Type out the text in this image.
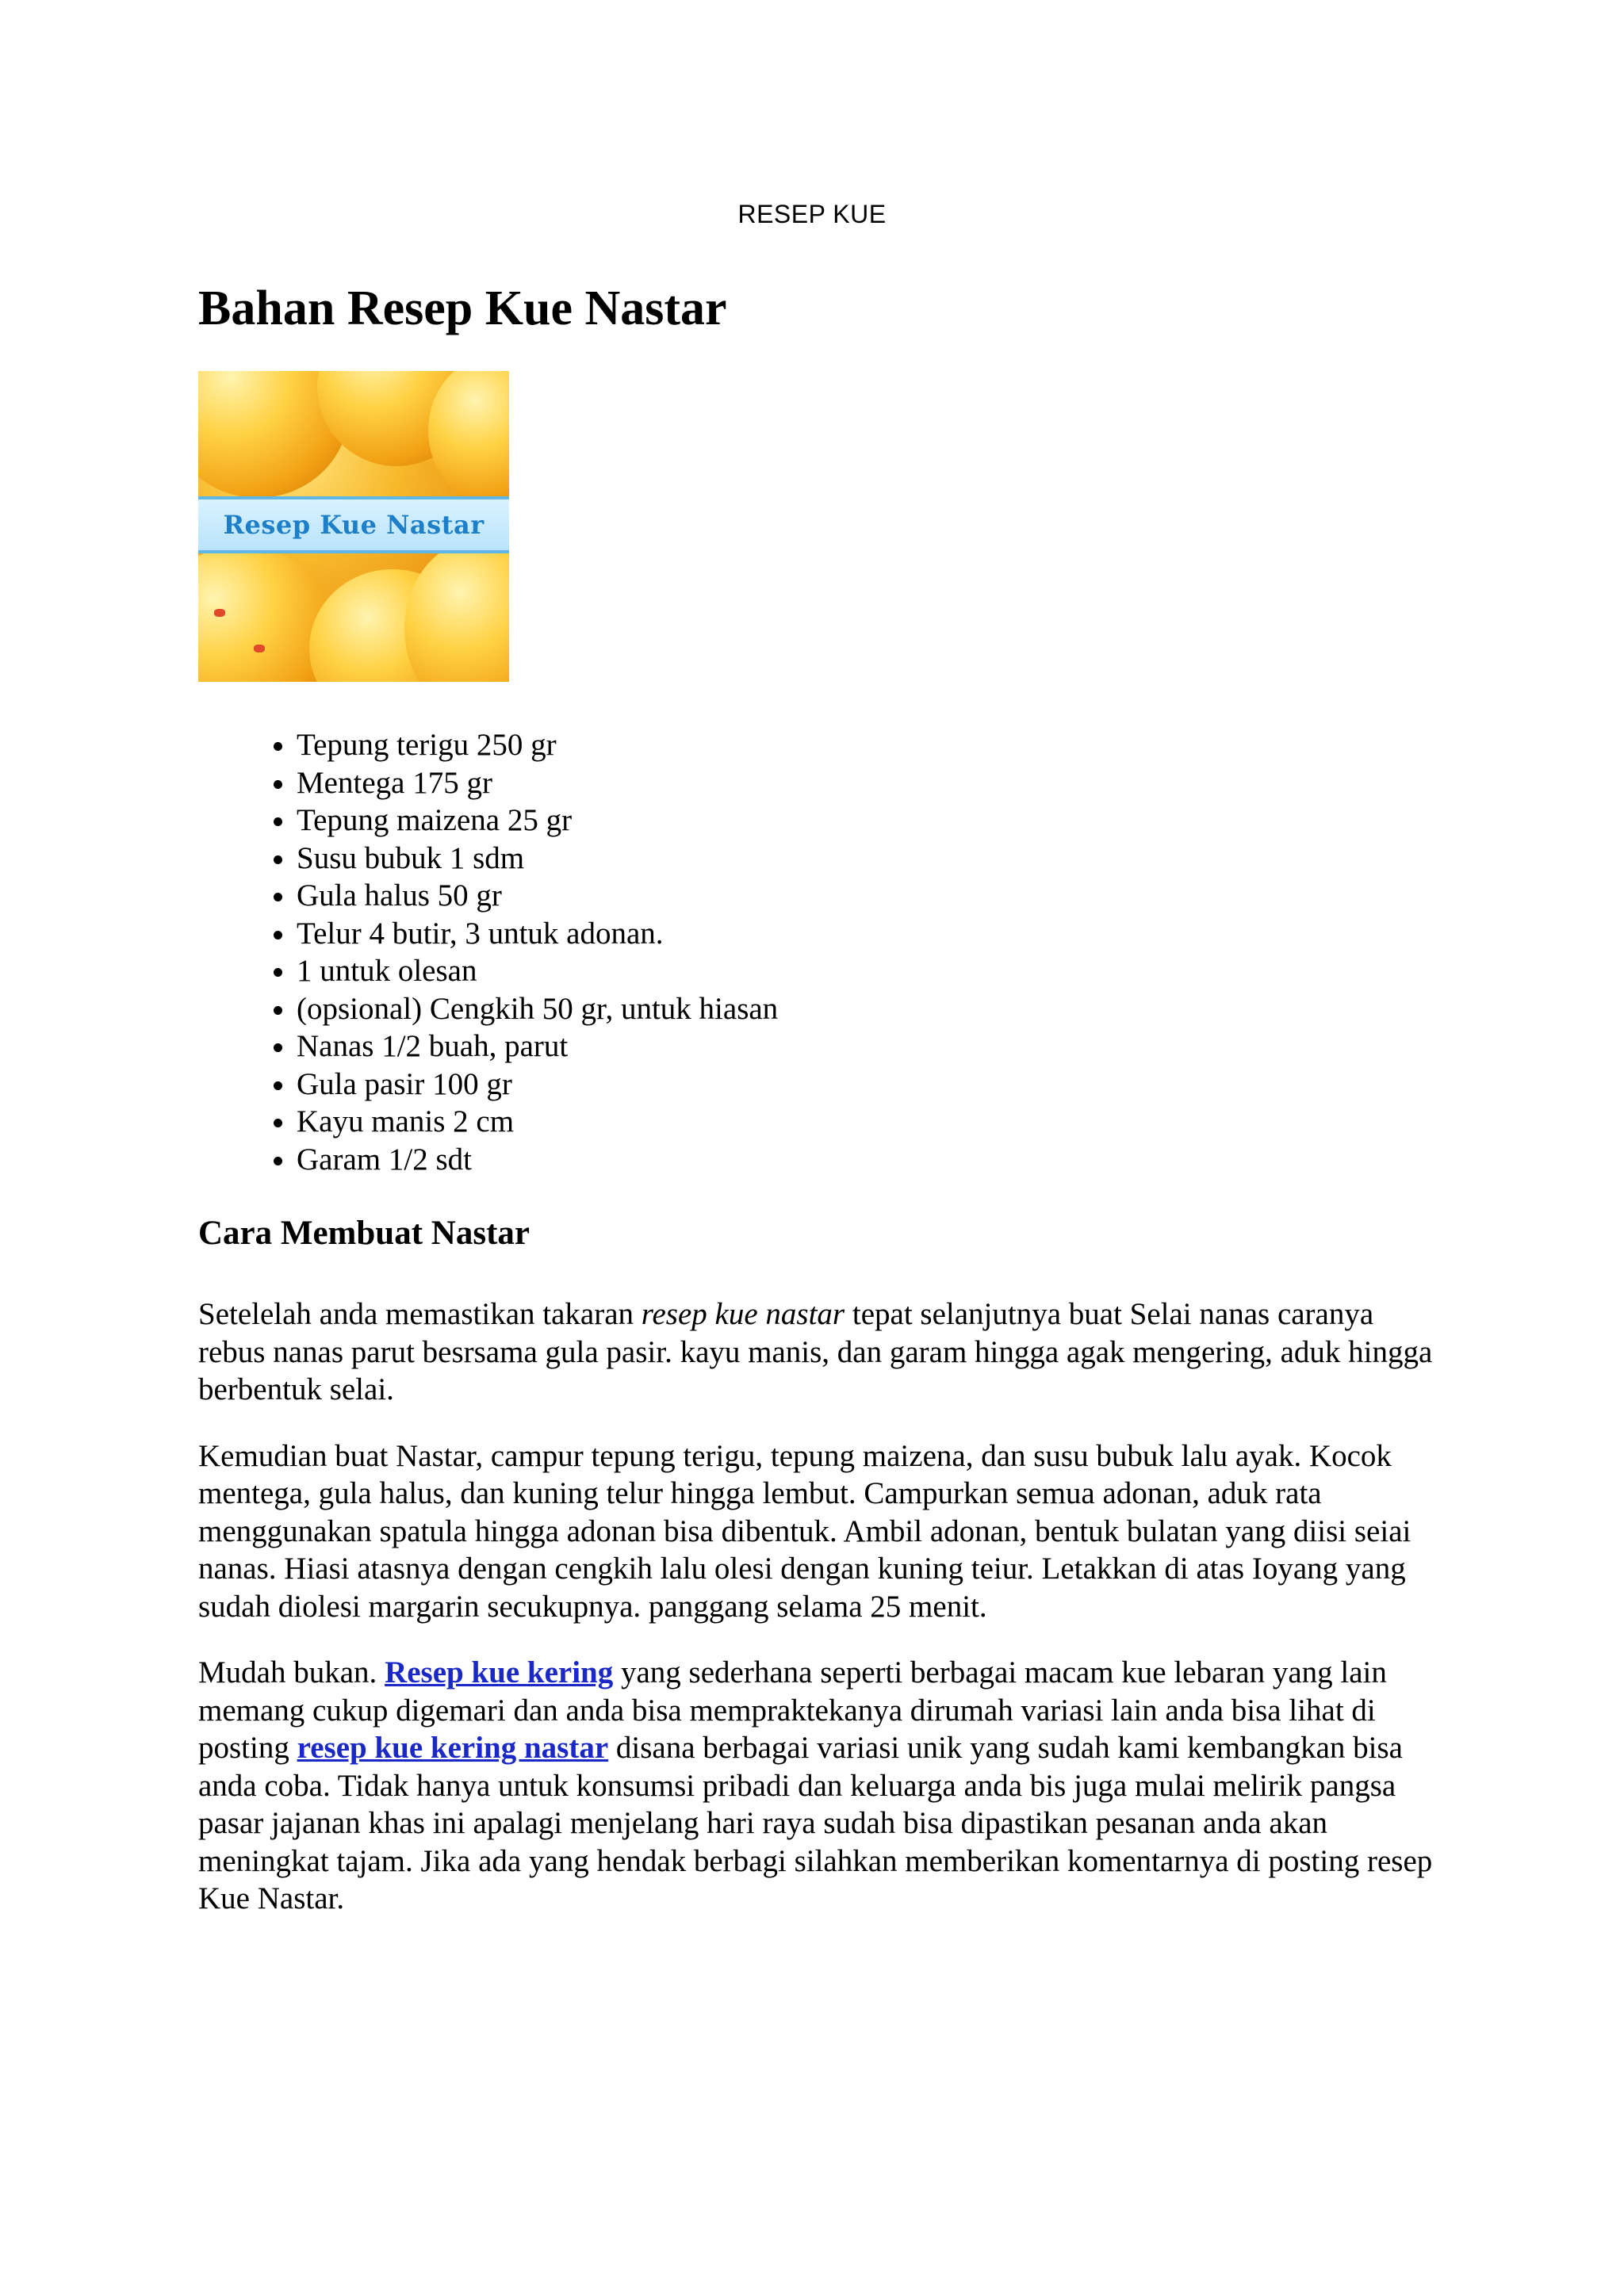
RESEP KUE
Bahan Resep Kue Nastar
Resep Kue Nastar
• Tepung terigu 250 gr
• Mentega 175 gr
• Tepung maizena 25 gr
• Susu bubuk 1 sdm
• Gula halus 50 gr
• Telur 4 butir, 3 untuk adonan.
• 1 untuk olesan
• (opsional) Cengkih 50 gr, untuk hiasan
• Nanas 1/2 buah, parut
• Gula pasir 100 gr
• Kayu manis 2 cm
• Garam 1/2 sdt
Cara Membuat Nastar

Setelelah anda memastikan takaran resep kue nastar tepat selanjutnya buat Selai nanas caranya rebus nanas parut besrsama gula pasir. kayu manis, dan garam hingga agak mengering, aduk hingga berbentuk selai.

Kemudian buat Nastar, campur tepung terigu, tepung maizena, dan susu bubuk lalu ayak. Kocok mentega, gula halus, dan kuning telur hingga lembut. Campurkan semua adonan, aduk rata menggunakan spatula hingga adonan bisa dibentuk. Ambil adonan, bentuk bulatan yang diisi seiai nanas. Hiasi atasnya dengan cengkih lalu olesi dengan kuning teiur. Letakkan di atas Ioyang yang sudah diolesi margarin secukupnya. panggang selama 25 menit.

Mudah bukan. Resep kue kering yang sederhana seperti berbagai macam kue lebaran yang lain memang cukup digemari dan anda bisa mempraktekanya dirumah variasi lain anda bisa lihat di posting resep kue kering nastar disana berbagai variasi unik yang sudah kami kembangkan bisa anda coba. Tidak hanya untuk konsumsi pribadi dan keluarga anda bis juga mulai melirik pangsa pasar jajanan khas ini apalagi menjelang hari raya sudah bisa dipastikan pesanan anda akan meningkat tajam. Jika ada yang hendak berbagi silahkan memberikan komentarnya di posting resep Kue Nastar.
